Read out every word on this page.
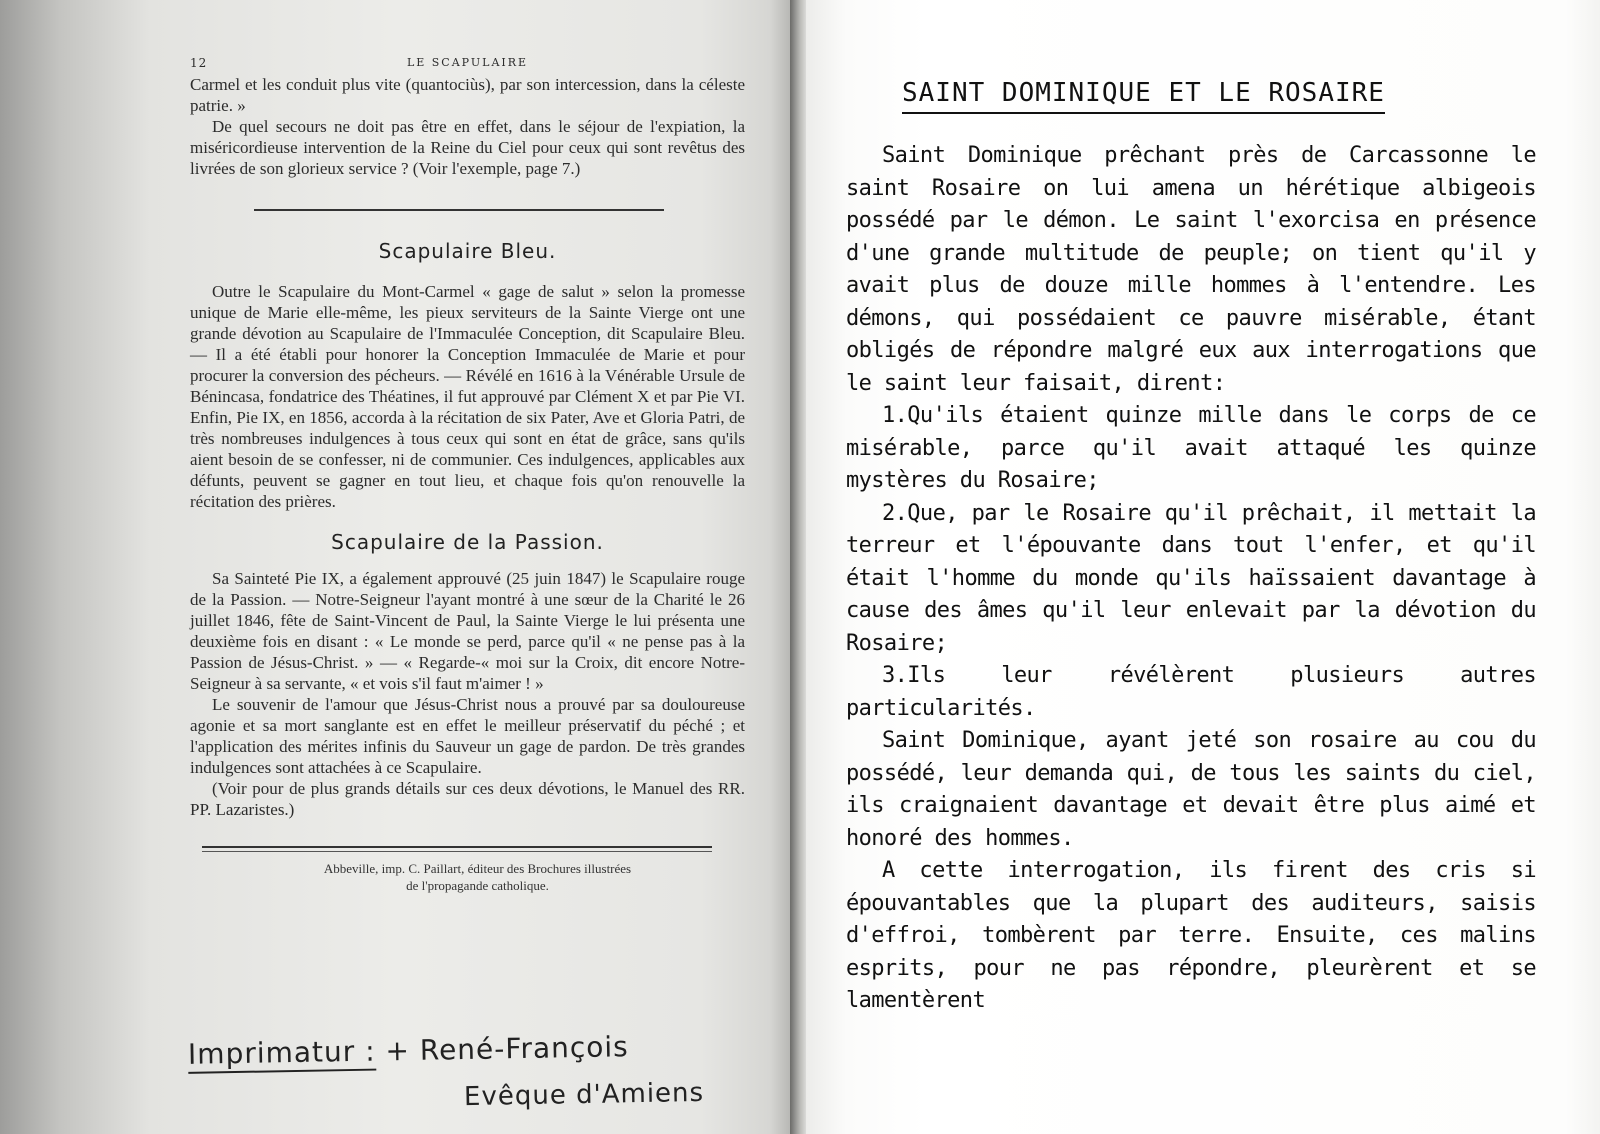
12	LE SCAPULAIRE

Carmel et les conduit plus vite (quantociùs), par son intercession, dans la céleste patrie. »

De quel secours ne doit pas être en effet, dans le séjour de l'expiation, la miséricordieuse intervention de la Reine du Ciel pour ceux qui sont revêtus des livrées de son glorieux service ? (Voir l'exemple, page 7.)

Scapulaire Bleu.

Outre le Scapulaire du Mont-Carmel « gage de salut » selon la promesse unique de Marie elle-même, les pieux serviteurs de la Sainte Vierge ont une grande dévotion au Scapulaire de l'Immaculée Conception, dit Scapulaire Bleu. — Il a été établi pour honorer la Conception Immaculée de Marie et pour procurer la conversion des pécheurs. — Révélé en 1616 à la Vénérable Ursule de Bénincasa, fondatrice des Théatines, il fut approuvé par Clément X et par Pie VI. Enfin, Pie IX, en 1856, accorda à la récitation de six Pater, Ave et Gloria Patri, de très nombreuses indulgences à tous ceux qui sont en état de grâce, sans qu'ils aient besoin de se confesser, ni de communier. Ces indulgences, applicables aux défunts, peuvent se gagner en tout lieu, et chaque fois qu'on renouvelle la récitation des prières.

Scapulaire de la Passion.

Sa Sainteté Pie IX, a également approuvé (25 juin 1847) le Scapulaire rouge de la Passion. — Notre-Seigneur l'ayant montré à une sœur de la Charité le 26 juillet 1846, fête de Saint-Vincent de Paul, la Sainte Vierge le lui présenta une deuxième fois en disant : « Le monde se perd, parce qu'il « ne pense pas à la Passion de Jésus-Christ. » — « Regarde-« moi sur la Croix, dit encore Notre-Seigneur à sa servante, « et vois s'il faut m'aimer ! »

Le souvenir de l'amour que Jésus-Christ nous a prouvé par sa douloureuse agonie et sa mort sanglante est en effet le meilleur préservatif du péché ; et l'application des mérites infinis du Sauveur un gage de pardon. De très grandes indulgences sont attachées à ce Scapulaire.

(Voir pour de plus grands détails sur ces deux dévotions, le Manuel des RR. PP. Lazaristes.)

Abbeville, imp. C. Paillart, éditeur des Brochures illustrées
de l'propagande catholique.
Imprimatur : + René-François
Evêque d'Amiens
SAINT DOMINIQUE ET LE ROSAIRE

Saint Dominique prêchant près de Carcassonne le saint Rosaire on lui amena un hérétique albigeois possédé par le démon. Le saint l'exorcisa en présence d'une grande multitude de peuple; on tient qu'il y avait plus de douze mille hommes à l'entendre. Les démons, qui possédaient ce pauvre misérable, étant obligés de répondre malgré eux aux interrogations que le saint leur faisait, dirent:

1.Qu'ils étaient quinze mille dans le corps de ce misérable, parce qu'il avait attaqué les quinze mystères du Rosaire;

2.Que, par le Rosaire qu'il prêchait, il mettait la terreur et l'épouvante dans tout l'enfer, et qu'il était l'homme du monde qu'ils haïssaient davantage à cause des âmes qu'il leur enlevait par la dévotion du Rosaire;

3.Ils leur révélèrent plusieurs autres particularités.

Saint Dominique, ayant jeté son rosaire au cou du possédé, leur demanda qui, de tous les saints du ciel, ils craignaient davantage et devait être plus aimé et honoré des hommes.

A cette interrogation, ils firent des cris si épouvantables que la plupart des auditeurs, saisis d'effroi, tombèrent par terre. Ensuite, ces malins esprits, pour ne pas répondre, pleurèrent et se lamentèrent
